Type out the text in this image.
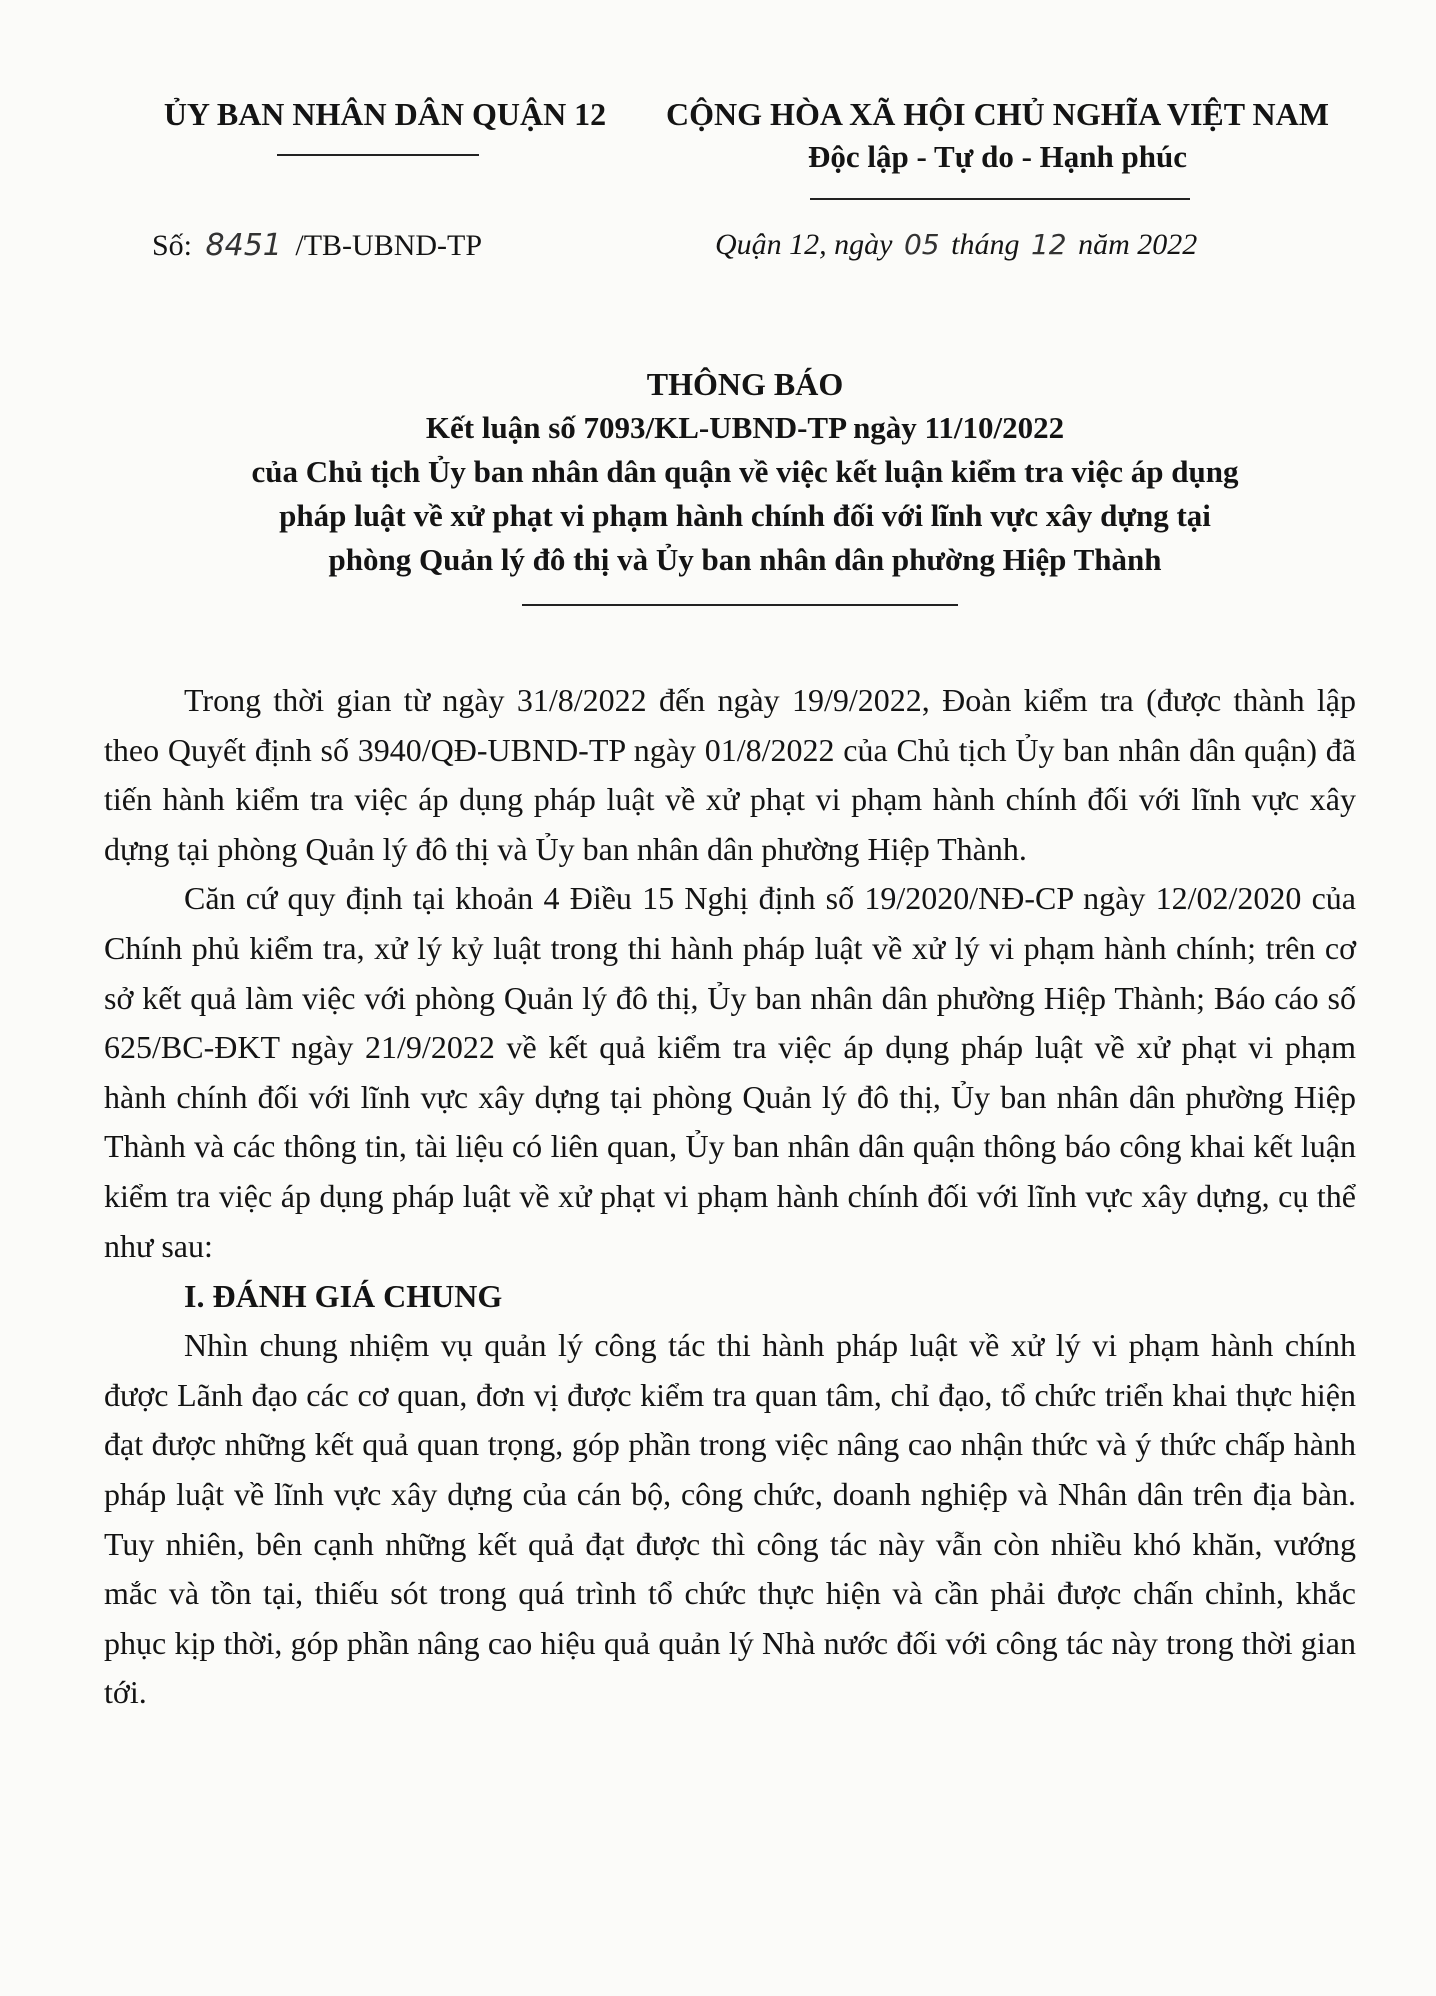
ỦY BAN NHÂN DÂN QUẬN 12	CỘNG HÒA XÃ HỘI CHỦ NGHĨA VIỆT NAM
Độc lập - Tự do - Hạnh phúc
Số: 8451 /TB-UBND-TP	Quận 12, ngày 05 tháng 12 năm 2022
THÔNG BÁO
Kết luận số 7093/KL-UBND-TP ngày 11/10/2022
của Chủ tịch Ủy ban nhân dân quận về việc kết luận kiểm tra việc áp dụng
pháp luật về xử phạt vi phạm hành chính đối với lĩnh vực xây dựng tại
phòng Quản lý đô thị và Ủy ban nhân dân phường Hiệp Thành

Trong thời gian từ ngày 31/8/2022 đến ngày 19/9/2022, Đoàn kiểm tra (được thành lập theo Quyết định số 3940/QĐ-UBND-TP ngày 01/8/2022 của Chủ tịch Ủy ban nhân dân quận) đã tiến hành kiểm tra việc áp dụng pháp luật về xử phạt vi phạm hành chính đối với lĩnh vực xây dựng tại phòng Quản lý đô thị và Ủy ban nhân dân phường Hiệp Thành.

Căn cứ quy định tại khoản 4 Điều 15 Nghị định số 19/2020/NĐ-CP ngày 12/02/2020 của Chính phủ kiểm tra, xử lý kỷ luật trong thi hành pháp luật về xử lý vi phạm hành chính; trên cơ sở kết quả làm việc với phòng Quản lý đô thị, Ủy ban nhân dân phường Hiệp Thành; Báo cáo số 625/BC-ĐKT ngày 21/9/2022 về kết quả kiểm tra việc áp dụng pháp luật về xử phạt vi phạm hành chính đối với lĩnh vực xây dựng tại phòng Quản lý đô thị, Ủy ban nhân dân phường Hiệp Thành và các thông tin, tài liệu có liên quan, Ủy ban nhân dân quận thông báo công khai kết luận kiểm tra việc áp dụng pháp luật về xử phạt vi phạm hành chính đối với lĩnh vực xây dựng, cụ thể như sau:

I. ĐÁNH GIÁ CHUNG

Nhìn chung nhiệm vụ quản lý công tác thi hành pháp luật về xử lý vi phạm hành chính được Lãnh đạo các cơ quan, đơn vị được kiểm tra quan tâm, chỉ đạo, tổ chức triển khai thực hiện đạt được những kết quả quan trọng, góp phần trong việc nâng cao nhận thức và ý thức chấp hành pháp luật về lĩnh vực xây dựng của cán bộ, công chức, doanh nghiệp và Nhân dân trên địa bàn. Tuy nhiên, bên cạnh những kết quả đạt được thì công tác này vẫn còn nhiều khó khăn, vướng mắc và tồn tại, thiếu sót trong quá trình tổ chức thực hiện và cần phải được chấn chỉnh, khắc phục kịp thời, góp phần nâng cao hiệu quả quản lý Nhà nước đối với công tác này trong thời gian tới.
